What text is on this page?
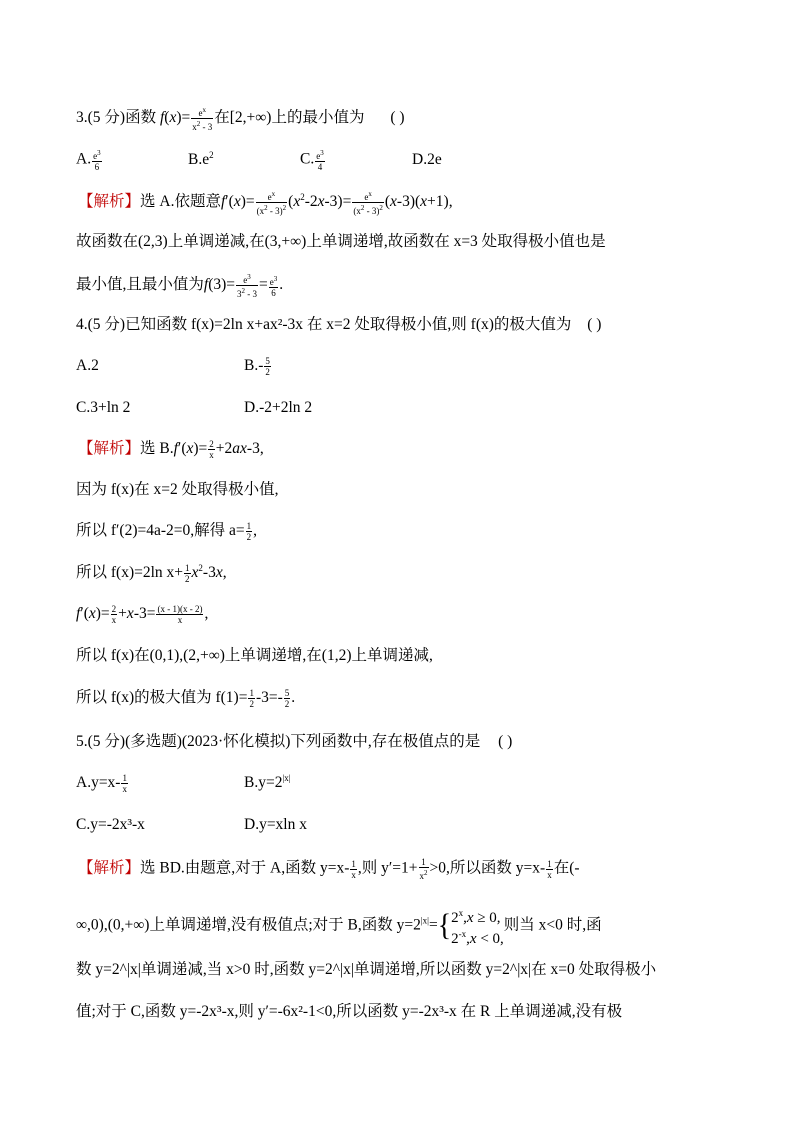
3.(5 分)函数 $f(x)= \frac{e^x}{x^2 - 3}$ 在[2,+∞)上的最小值为 ( )
A. $\frac{e^3}{6}$	$B.e^2$	C. $\frac{e^3}{4}$	D.2e
【解析】选 A.依题意$f'(x)= \frac{e^x}{(x^2 - 3)^2} (x^2-2x-3)= \frac{e^x}{(x^2 - 3)^2} (x-3)(x+1)$,
故函数在(2,3)上单调递减,在(3,+∞)上单调递增,故函数在 x=3 处取得极小值也是
最小值,且最小值为$f(3)= \frac{e^3}{3^2 - 3} = \frac{e^3}{6}$ .
4.(5 分)已知函数 f(x)=2ln x+ax²-3x 在 x=2 处取得极小值,则 f(x)的极大值为 ( )
A.2	$B.- \frac{5}{2}$
C.3+ln 2	D.-2+2ln 2
【解析】选 $B.f'(x)= \frac{2}{x} +2ax-3$,
因为 f(x)在 x=2 处取得极小值,
所以 f′(2)=4a-2=0,解得 $a= \frac{1}{2}$ ,
所以 f(x)=2ln $x+ \frac{1}{2} x^2-3x$,
$f'(x)= \frac{2}{x} +x-3= \frac{(x - 1)(x - 2)}{x}$ ,
所以 f(x)在(0,1),(2,+∞)上单调递增,在(1,2)上单调递减,
所以 f(x)的极大值为 $f(1)= \frac{1}{2} -3=- \frac{5}{2}$ .
5.(5 分)(多选题)(2023·怀化模拟)下列函数中,存在极值点的是 ( )
$A.y=x- \frac{1}{x}$	$B.y=2^{|x|}$
C.y=-2x³-x	D.y=xln x
【解析】选 BD.由题意,对于 A,函数 $y=x- \frac{1}{x}$ ,则 $y'=1+ \frac{1}{x^2} >0$,所以函数 $y=x- \frac{1}{x}$ 在(-
∞,0),(0,+∞)上单调递增,没有极值点;对于 B,函数 $y=2^{|x|}=${ $2^x,x \ge 0$,
$2^{-x},x < 0$,
则当 x<0 时,函
数 y=2^|x|单调递减,当 x>0 时,函数 y=2^|x|单调递增,所以函数 y=2^|x|在 x=0 处取得极小
值;对于 C,函数 y=-2x³-x,则 y′=-6x²-1<0,所以函数 y=-2x³-x 在 R 上单调递减,没有极
